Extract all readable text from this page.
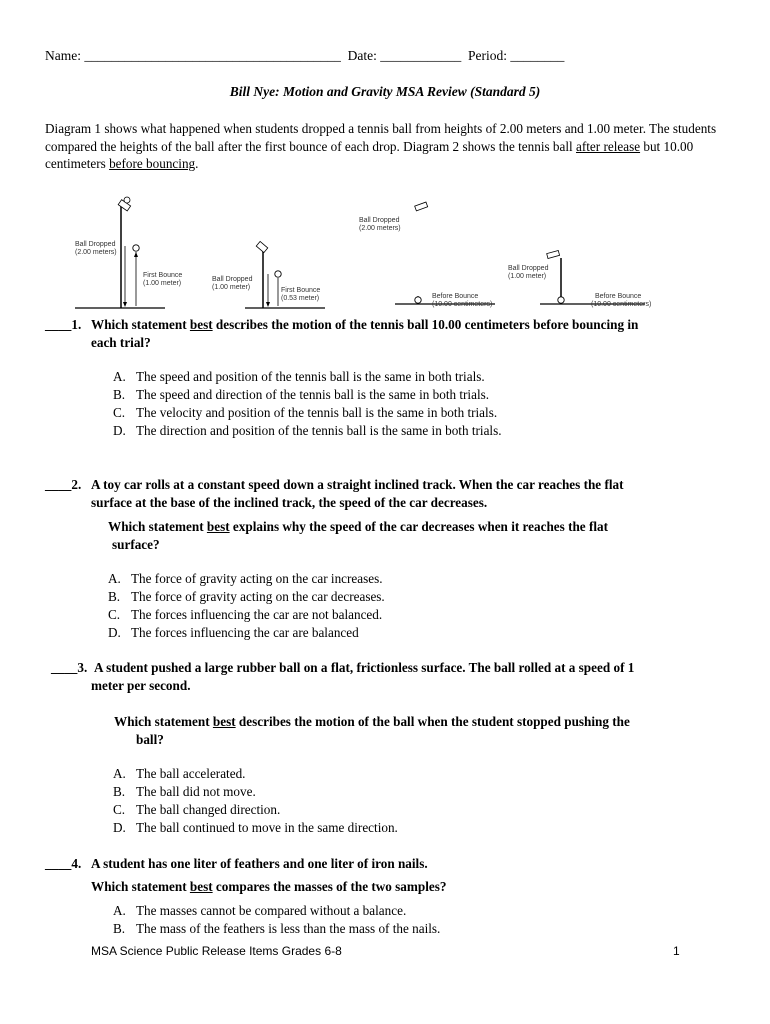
Name: ______________________________________  Date: ____________  Period: ________
Bill Nye: Motion and Gravity MSA Review (Standard 5)
Diagram 1 shows what happened when students dropped a tennis ball from heights of 2.00 meters and 1.00 meter. The students compared the heights of the ball after the first bounce of each drop. Diagram 2 shows the tennis ball after release but 10.00 centimeters before bouncing.
Ball Dropped
(2.00 meters)
First Bounce
(1.00 meter)
Ball Dropped
(1.00 meter)	First Bounce
(0.53 meter)
Ball Dropped
(2.00 meters)
Before Bounce
(10.00 centimeters)
Ball Dropped
(1.00 meter)
Before Bounce
(10.00 centimeters)
____1. Which statement best describes the motion of the tennis ball 10.00 centimeters before bouncing in
each trial?
A. The speed and position of the tennis ball is the same in both trials.
B. The speed and direction of the tennis ball is the same in both trials.
C. The velocity and position of the tennis ball is the same in both trials.
D. The direction and position of the tennis ball is the same in both trials.
____2. A toy car rolls at a constant speed down a straight inclined track. When the car reaches the flat
surface at the base of the inclined track, the speed of the car decreases.
Which statement best explains why the speed of the car decreases when it reaches the flat
surface?
A. The force of gravity acting on the car increases.
B. The force of gravity acting on the car decreases.
C. The forces influencing the car are not balanced.
D. The forces influencing the car are balanced
____3. A student pushed a large rubber ball on a flat, frictionless surface. The ball rolled at a speed of 1
meter per second.
Which statement best describes the motion of the ball when the student stopped pushing the
ball?
A. The ball accelerated.
B. The ball did not move.
C. The ball changed direction.
D. The ball continued to move in the same direction.
____4. A student has one liter of feathers and one liter of iron nails.
Which statement best compares the masses of the two samples?
A. The masses cannot be compared without a balance.
B. The mass of the feathers is less than the mass of the nails.
MSA Science Public Release Items Grades 6-8	1
